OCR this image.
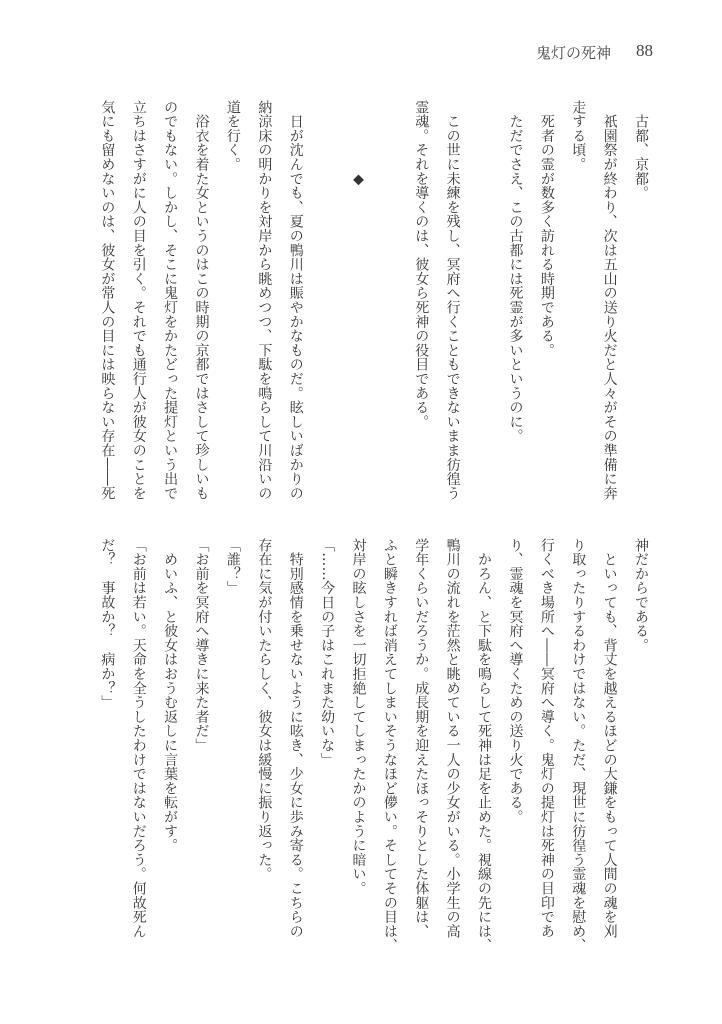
鬼灯の死神 88
　古都、京都。
　祇園祭が終わり、次は五山の送り火だと人々がその準備に奔
走する頃。
　死者の霊が数多く訪れる時期である。
　ただでさえ、この古都には死霊が多いというのに。
　この世に未練を残し、冥府へ行くこともできないまま彷徨う
霊魂。それを導くのは、彼女ら死神の役目である。
　　　　　◆
　日が沈んでも、夏の鴨川は賑やかなものだ。眩しいばかりの
納涼床の明かりを対岸から眺めつつ、下駄を鳴らして川沿いの
道を行く。
　浴衣を着た女というのはこの時期の京都ではさして珍しいも
のでもない。しかし、そこに鬼灯をかたどった提灯という出で
立ちはさすがに人の目を引く。それでも通行人が彼女のことを
気にも留めないのは、彼女が常人の目には映らない存在――死
神だからである。
　といっても、背丈を越えるほどの大鎌をもって人間の魂を刈
り取ったりするわけではない。ただ、現世に彷徨う霊魂を慰め、
行くべき場所へ――冥府へ導く。鬼灯の提灯は死神の目印であ
り、霊魂を冥府へ導くための送り火である。
　かろん、と下駄を鳴らして死神は足を止めた。視線の先には、
鴨川の流れを茫然と眺めている一人の少女がいる。小学生の高
学年くらいだろうか。成長期を迎えたほっそりとした体躯は、
ふと瞬きすれば消えてしまいそうなほど儚い。そしてその目は、
対岸の眩しさを一切拒絶してしまったかのように暗い。
「……今日の子はこれまた幼いな」
　特別感情を乗せないように呟き、少女に歩み寄る。こちらの
存在に気が付いたらしく、彼女は緩慢に振り返った。
「誰？」
「お前を冥府へ導きに来た者だ」
　めいふ、と彼女はおうむ返しに言葉を転がす。
「お前は若い。天命を全うしたわけではないだろう。何故死ん
だ？　事故か？　病か？」
